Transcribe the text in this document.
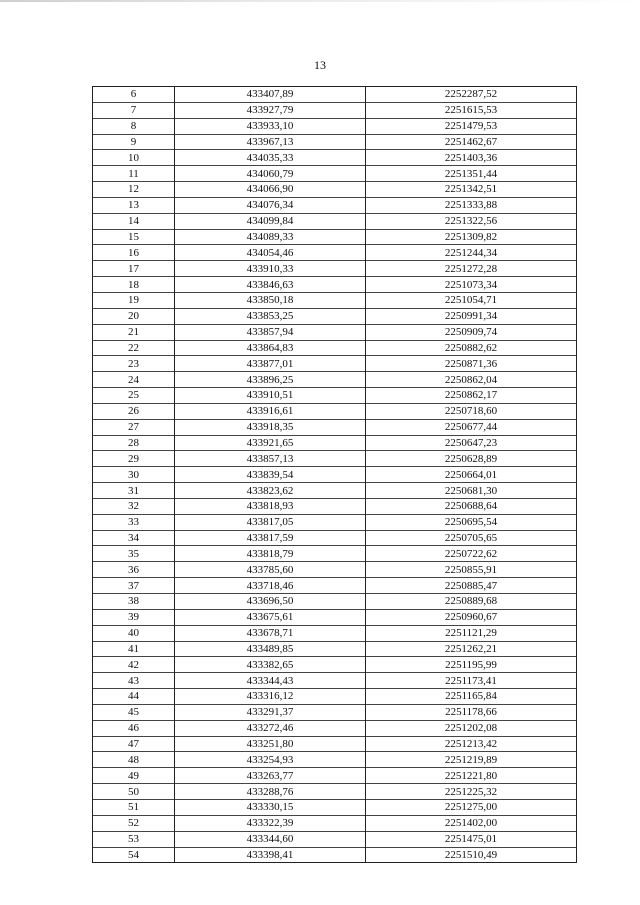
13
6	433407,89	2252287,52
7	433927,79	2251615,53
8	433933,10	2251479,53
9	433967,13	2251462,67
10	434035,33	2251403,36
11	434060,79	2251351,44
12	434066,90	2251342,51
13	434076,34	2251333,88
14	434099,84	2251322,56
15	434089,33	2251309,82
16	434054,46	2251244,34
17	433910,33	2251272,28
18	433846,63	2251073,34
19	433850,18	2251054,71
20	433853,25	2250991,34
21	433857,94	2250909,74
22	433864,83	2250882,62
23	433877,01	2250871,36
24	433896,25	2250862,04
25	433910,51	2250862,17
26	433916,61	2250718,60
27	433918,35	2250677,44
28	433921,65	2250647,23
29	433857,13	2250628,89
30	433839,54	2250664,01
31	433823,62	2250681,30
32	433818,93	2250688,64
33	433817,05	2250695,54
34	433817,59	2250705,65
35	433818,79	2250722,62
36	433785,60	2250855,91
37	433718,46	2250885,47
38	433696,50	2250889,68
39	433675,61	2250960,67
40	433678,71	2251121,29
41	433489,85	2251262,21
42	433382,65	2251195,99
43	433344,43	2251173,41
44	433316,12	2251165,84
45	433291,37	2251178,66
46	433272,46	2251202,08
47	433251,80	2251213,42
48	433254,93	2251219,89
49	433263,77	2251221,80
50	433288,76	2251225,32
51	433330,15	2251275,00
52	433322,39	2251402,00
53	433344,60	2251475,01
54	433398,41	2251510,49
